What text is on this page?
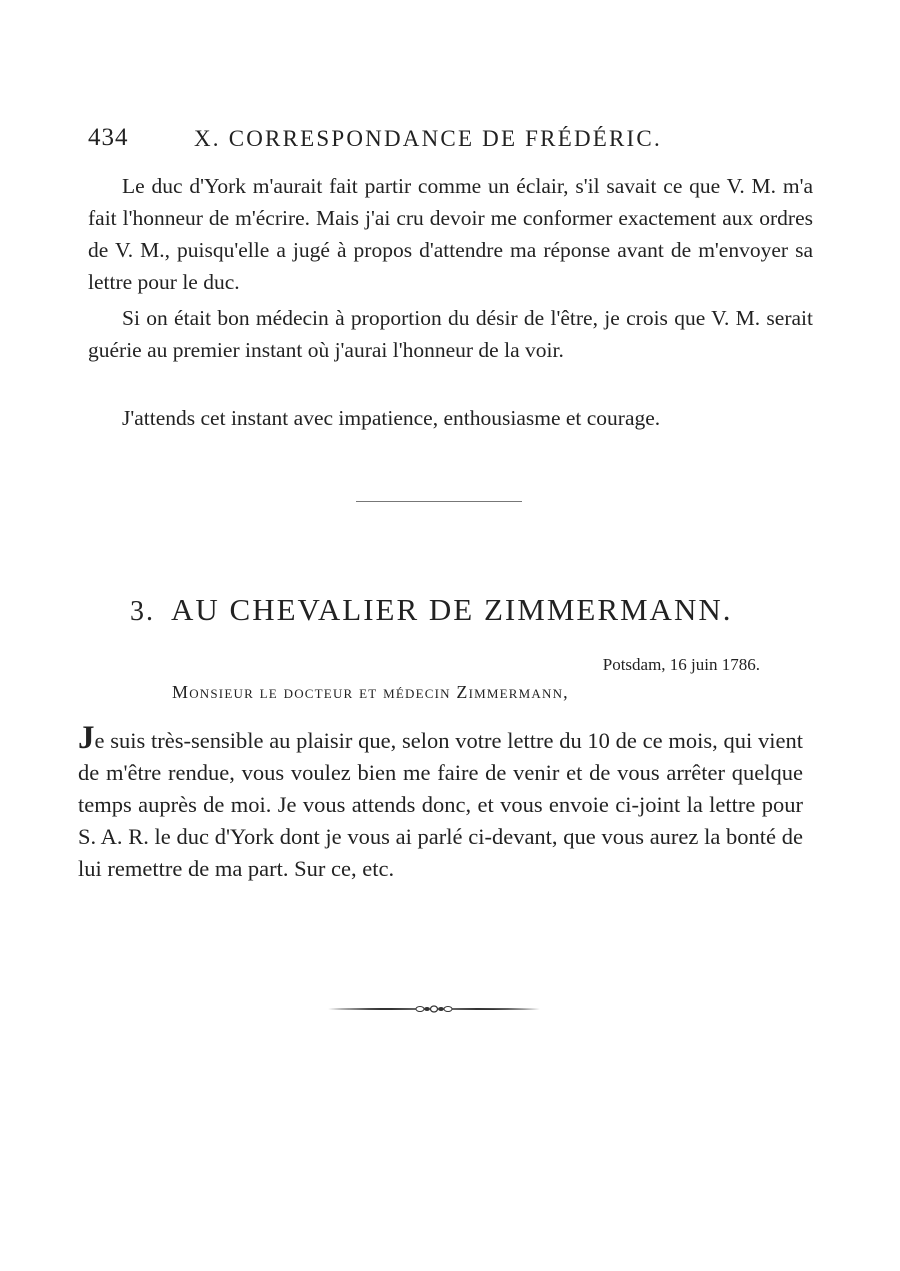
434	X. CORRESPONDANCE DE FRÉDÉRIC.

Le duc d'York m'aurait fait partir comme un éclair, s'il savait ce que V. M. m'a fait l'honneur de m'écrire. Mais j'ai cru devoir me conformer exactement aux ordres de V. M., puisqu'elle a jugé à propos d'attendre ma réponse avant de m'envoyer sa lettre pour le duc.

Si on était bon médecin à proportion du désir de l'être, je crois que V. M. serait guérie au premier instant où j'aurai l'honneur de la voir.

J'attends cet instant avec impatience, enthousiasme et courage.

3. AU CHEVALIER DE ZIMMERMANN.
Potsdam, 16 juin 1786.
Monsieur le docteur et médecin Zimmermann,

Je suis très-sensible au plaisir que, selon votre lettre du 10 de ce mois, qui vient de m'être rendue, vous voulez bien me faire de venir et de vous arrêter quelque temps auprès de moi. Je vous attends donc, et vous envoie ci-joint la lettre pour S. A. R. le duc d'York dont je vous ai parlé ci-devant, que vous aurez la bonté de lui remettre de ma part. Sur ce, etc.
